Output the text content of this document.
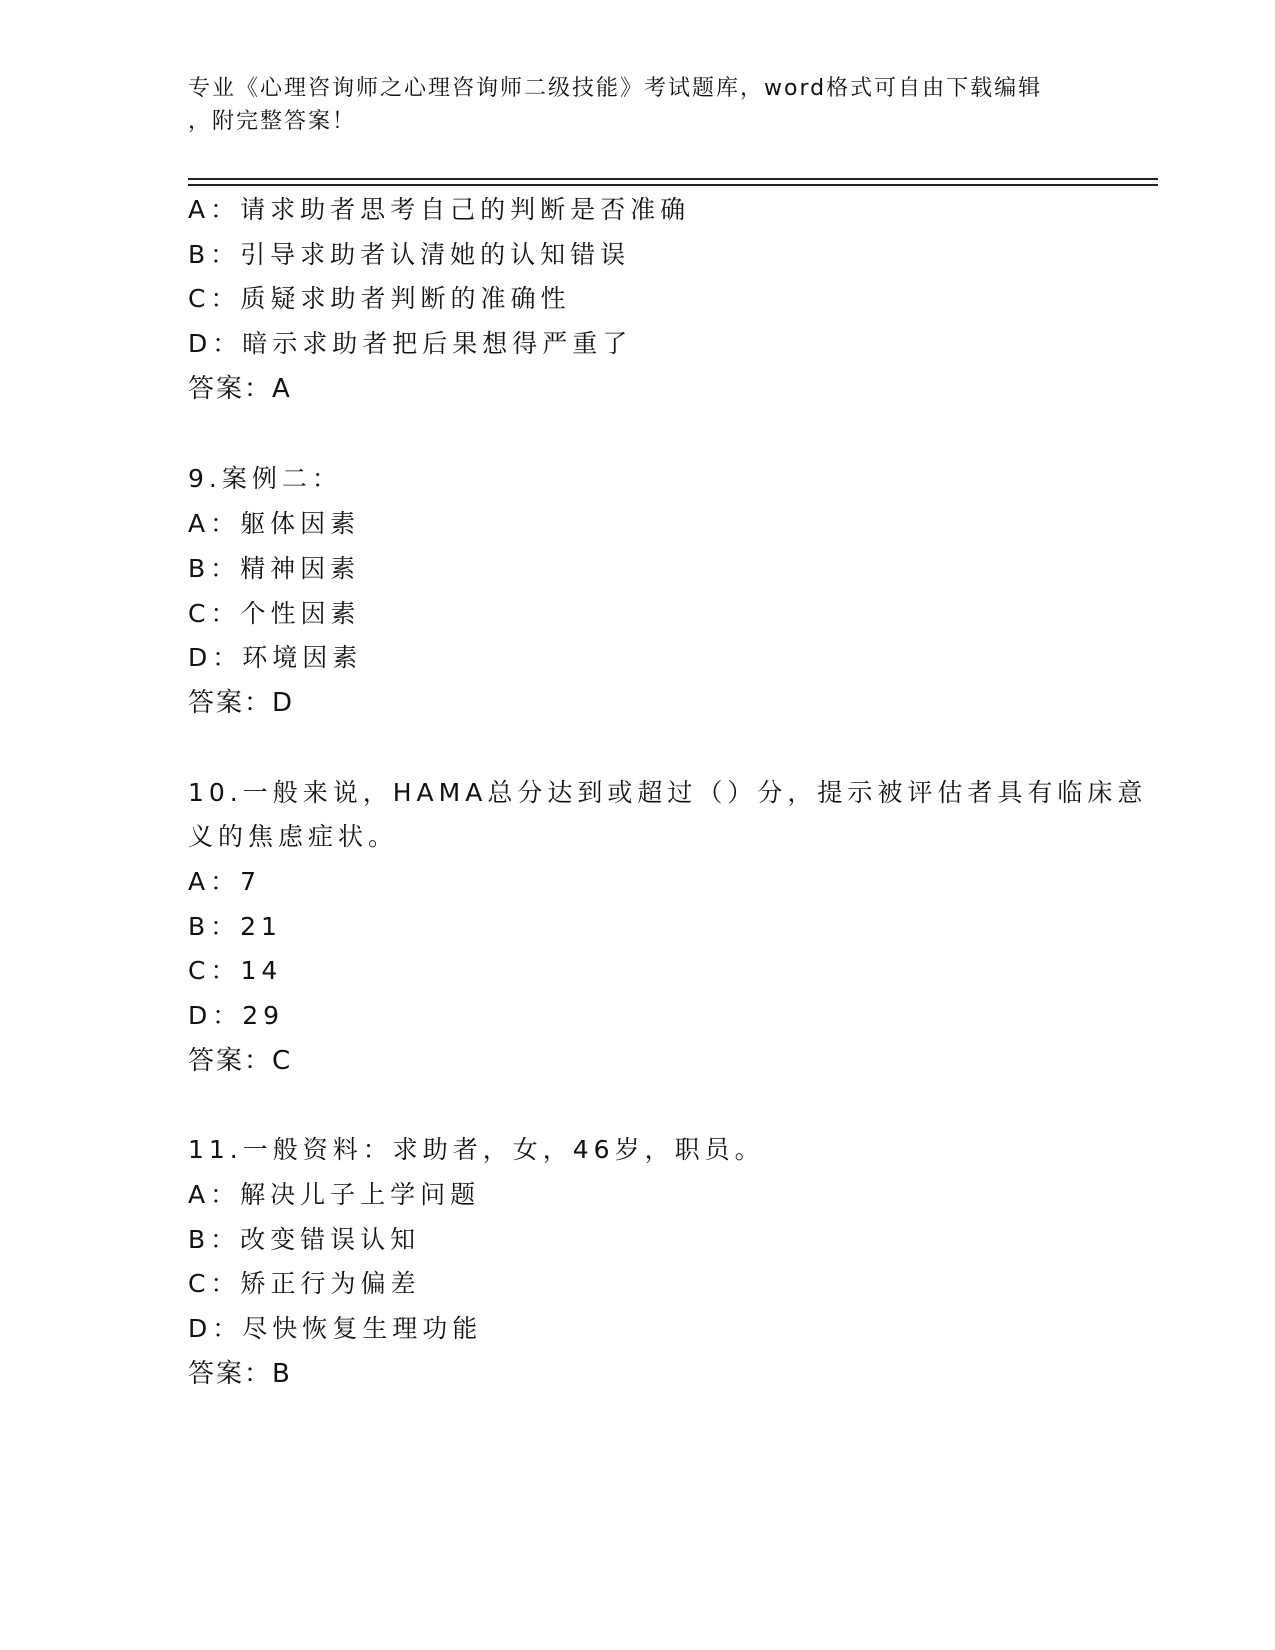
专业《心理咨询师之心理咨询师二级技能》考试题库，word格式可自由下载编辑
，附完整答案！
A：请求助者思考自己的判断是否准确
B：引导求助者认清她的认知错误
C：质疑求助者判断的准确性
D：暗示求助者把后果想得严重了
答案：A
9.案例二：
A：躯体因素
B：精神因素
C：个性因素
D：环境因素
答案：D
10.一般来说，HAMA总分达到或超过（）分，提示被评估者具有临床意
义的焦虑症状。
A：7
B：21
C：14
D：29
答案：C
11.一般资料：求助者，女，46岁，职员。
A：解决儿子上学问题
B：改变错误认知
C：矫正行为偏差
D：尽快恢复生理功能
答案：B
